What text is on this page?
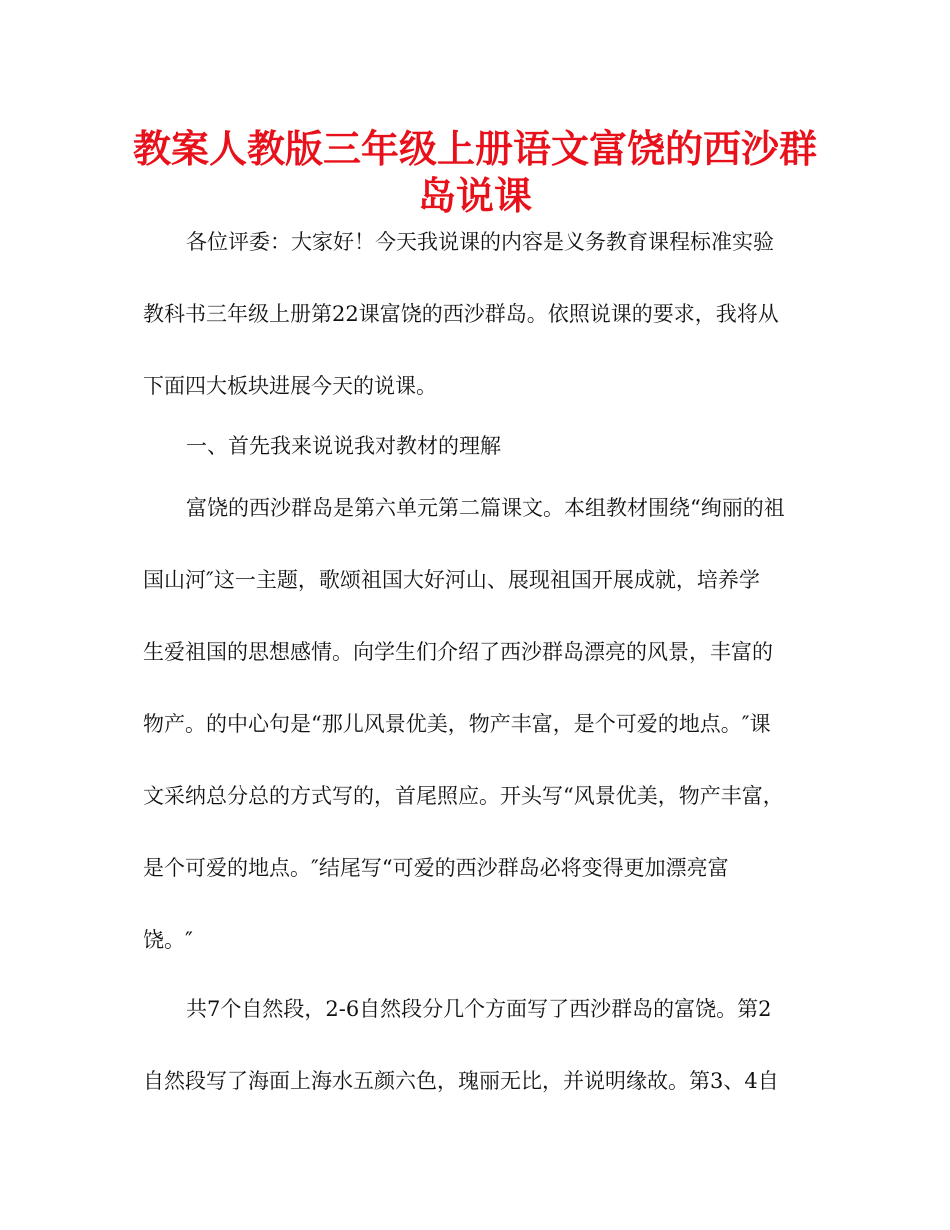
教案人教版三年级上册语文富饶的西沙群
岛说课
各位评委：大家好！今天我说课的内容是义务教育课程标准实验
教科书三年级上册第22课富饶的西沙群岛。依照说课的要求，我将从
下面四大板块进展今天的说课。
一、首先我来说说我对教材的理解
富饶的西沙群岛是第六单元第二篇课文。本组教材围绕“绚丽的祖
国山河″这一主题，歌颂祖国大好河山、展现祖国开展成就，培养学
生爱祖国的思想感情。向学生们介绍了西沙群岛漂亮的风景，丰富的
物产。的中心句是“那儿风景优美，物产丰富，是个可爱的地点。″课
文采纳总分总的方式写的，首尾照应。开头写“风景优美，物产丰富，
是个可爱的地点。″结尾写“可爱的西沙群岛必将变得更加漂亮富
饶。″
共7个自然段，2-6自然段分几个方面写了西沙群岛的富饶。第2
自然段写了海面上海水五颜六色，瑰丽无比，并说明缘故。第3、4自
